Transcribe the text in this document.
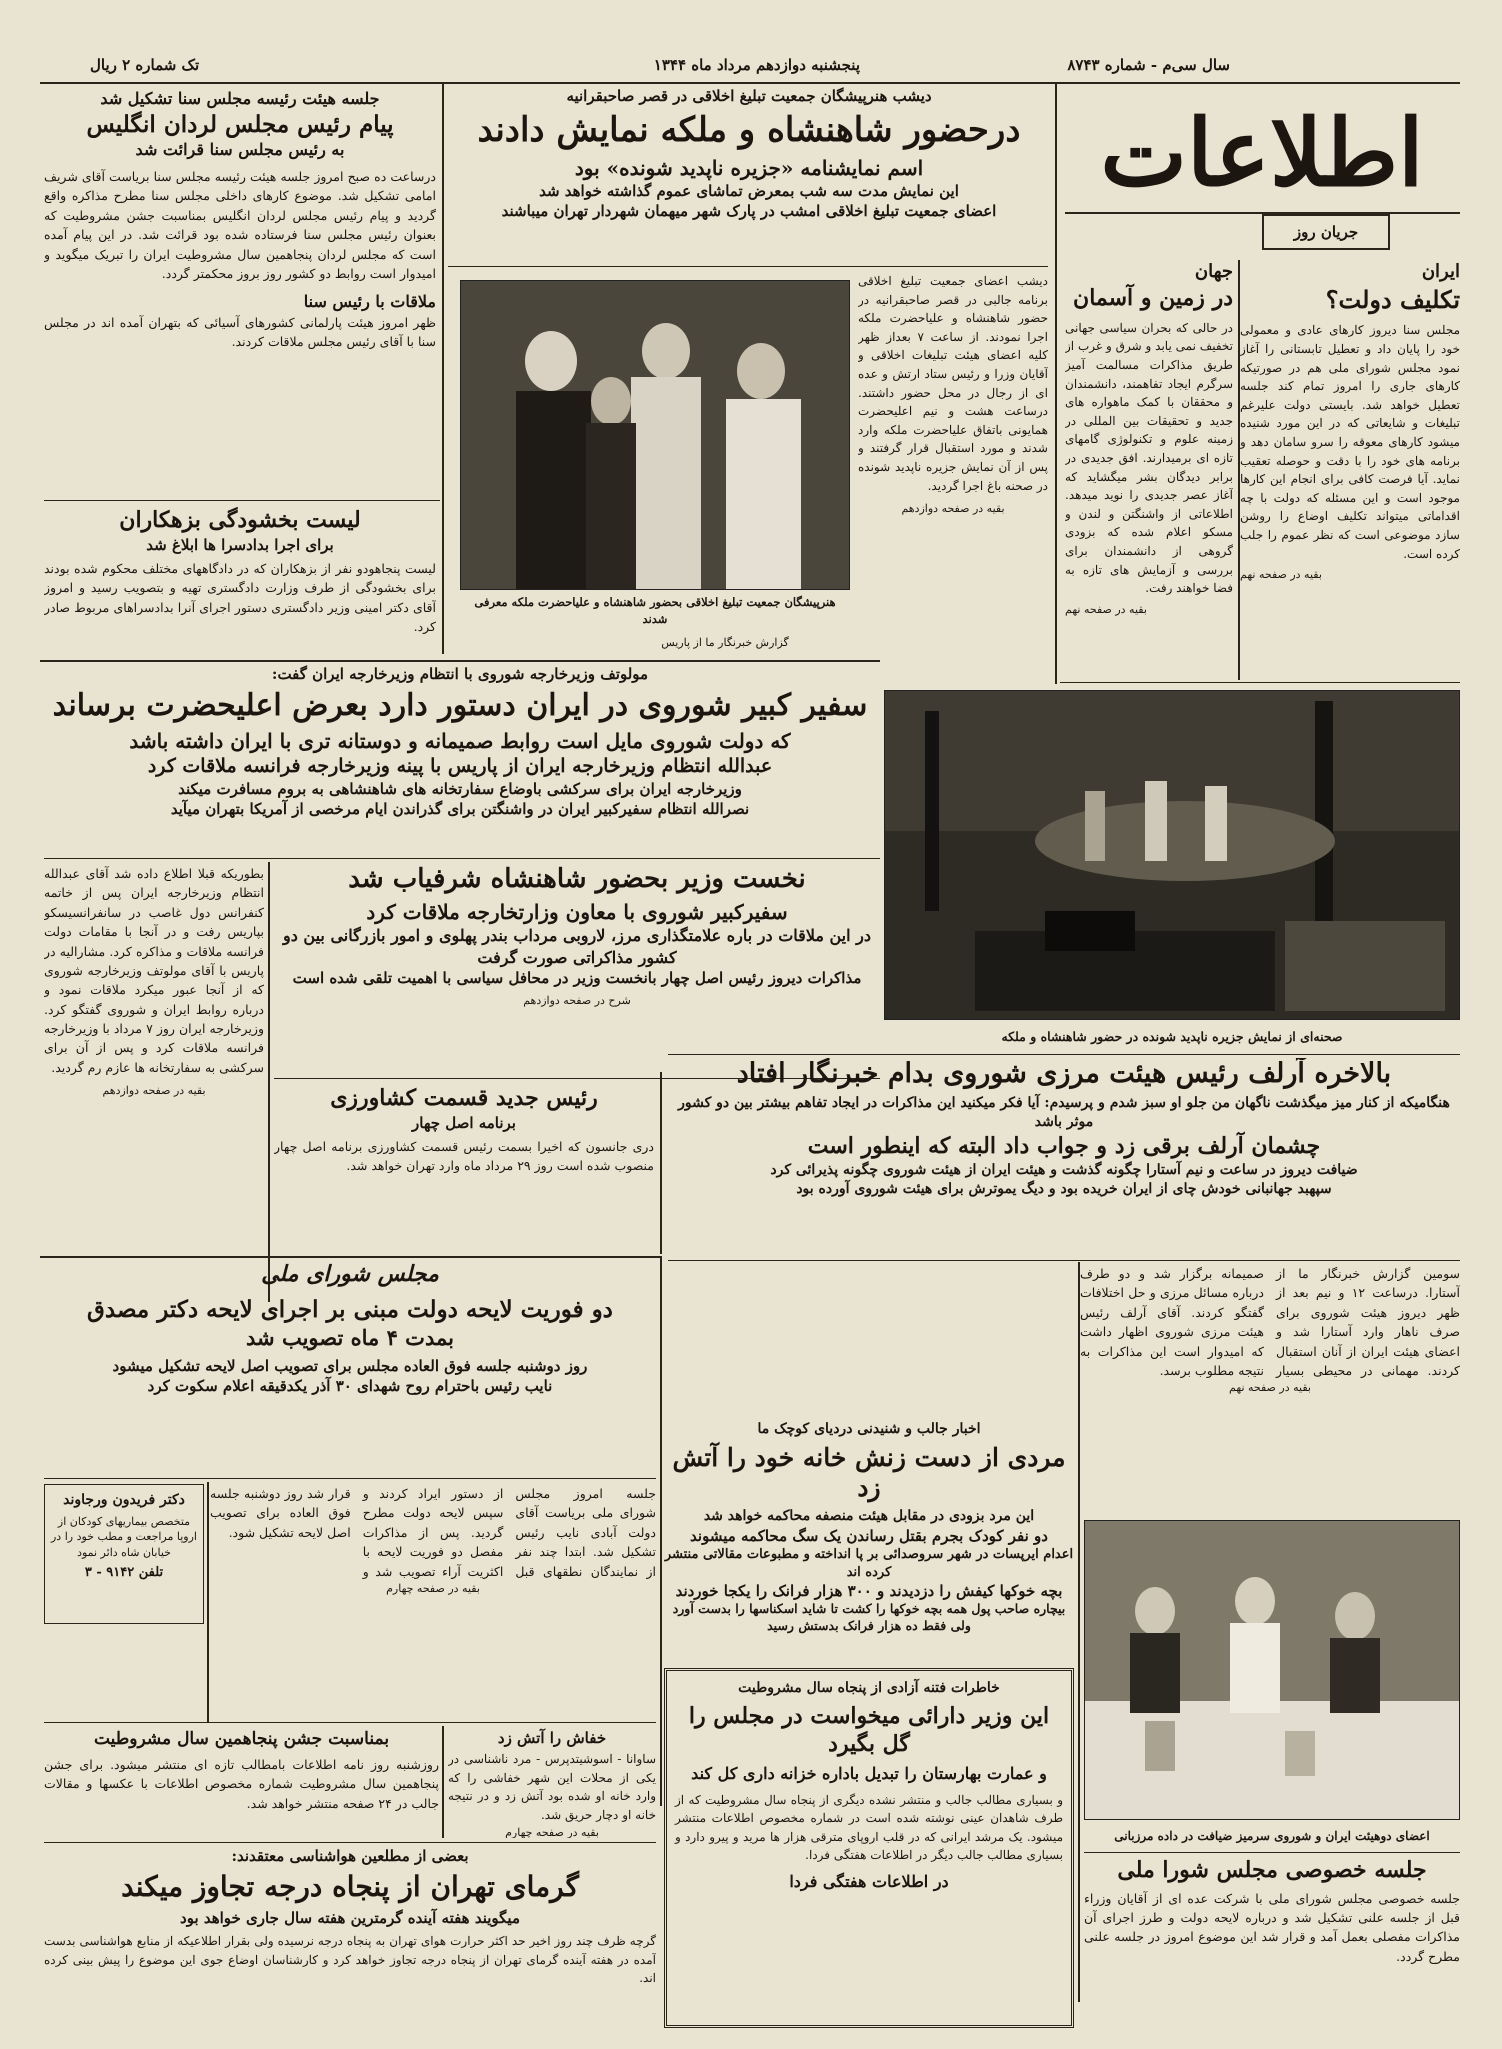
سال سی‌م - شماره ۸۷۴۳
پنجشنبه دوازدهم مرداد ماه ۱۳۴۴
تک شماره ۲ ریال
اطلاعات
جریان روز
ایران
تکلیف دولت؟
مجلس سنا دیروز کارهای عادی و معمولی خود را پایان داد و تعطیل تابستانی را آغاز نمود مجلس شورای ملی هم در صورتیکه کارهای جاری را امروز تمام کند جلسه تعطیل خواهد شد. بایستی دولت علیرغم تبلیغات و شایعاتی که در این مورد شنیده میشود کارهای معوقه را سرو سامان دهد و برنامه های خود را با دقت و حوصله تعقیب نماید. آیا فرصت کافی برای انجام این کارها موجود است و این مسئله که دولت با چه اقداماتی میتواند تکلیف اوضاع را روشن سازد موضوعی است که نظر عموم را جلب کرده است.
بقیه در صفحه نهم
جهان
در زمین و آسمان
در حالی که بحران سیاسی جهانی تخفیف نمی یابد و شرق و غرب از طریق مذاکرات مسالمت آمیز سرگرم ایجاد تفاهمند، دانشمندان و محققان با کمک ماهواره های جدید و تحقیقات بین المللی در زمینه علوم و تکنولوژی گامهای تازه ای برمیدارند. افق جدیدی در برابر دیدگان بشر میگشاید که آغاز عصر جدیدی را نوید میدهد. اطلاعاتی از واشنگتن و لندن و مسکو اعلام شده که بزودی گروهی از دانشمندان برای بررسی و آزمایش های تازه به فضا خواهند رفت.
بقیه در صفحه نهم
دیشب هنرپیشگان جمعیت تبلیغ اخلاقی در قصر صاحبقرانیه
درحضور شاهنشاه و ملکه نمایش دادند
اسم نمایشنامه «جزیره ناپدید شونده» بود
این نمایش مدت سه شب بمعرض تماشای عموم گذاشته خواهد شد
اعضای جمعیت تبلیغ اخلاقی امشب در پارک شهر میهمان شهردار تهران میباشند
هنرپیشگان جمعیت تبلیغ اخلاقی بحضور شاهنشاه و علیاحضرت ملکه معرفی شدند
دیشب اعضای جمعیت تبلیغ اخلاقی برنامه جالبی در قصر صاحبقرانیه در حضور شاهنشاه و علیاحضرت ملکه اجرا نمودند. از ساعت ۷ بعداز ظهر کلیه اعضای هیئت تبلیغات اخلاقی و آقایان وزرا و رئیس ستاد ارتش و عده ای از رجال در محل حضور داشتند. درساعت هشت و نیم اعلیحضرت همایونی باتفاق علیاحضرت ملکه وارد شدند و مورد استقبال قرار گرفتند و پس از آن نمایش جزیره ناپدید شونده در صحنه باغ اجرا گردید.
بقیه در صفحه دوازدهم
گزارش خبرنگار ما از پاریس
جلسه هیئت رئیسه مجلس سنا تشکیل شد
پیام رئیس مجلس لردان انگلیس
به رئیس مجلس سنا قرائت شد
درساعت ده صبح امروز جلسه هیئت رئیسه مجلس سنا بریاست آقای شریف امامی تشکیل شد. موضوع کارهای داخلی مجلس سنا مطرح مذاکره واقع گردید و پیام رئیس مجلس لردان انگلیس بمناسبت جشن مشروطیت که بعنوان رئیس مجلس سنا فرستاده شده بود قرائت شد. در این پیام آمده است که مجلس لردان پنجاهمین سال مشروطیت ایران را تبریک میگوید و امیدوار است روابط دو کشور روز بروز محکمتر گردد.
ملاقات با رئیس سنا
ظهر امروز هیئت پارلمانی کشورهای آسیائی که بتهران آمده اند در مجلس سنا با آقای رئیس مجلس ملاقات کردند.
لیست بخشودگی بزهکاران
برای اجرا بدادسرا ها ابلاغ شد
لیست پنجاهودو نفر از بزهکاران که در دادگاههای مختلف محکوم شده بودند برای بخشودگی از طرف وزارت دادگستری تهیه و بتصویب رسید و امروز آقای دکتر امینی وزیر دادگستری دستور اجرای آنرا بدادسراهای مربوط صادر کرد.
مولوتف وزیرخارجه شوروی با انتظام وزیرخارجه ایران گفت:
سفیر کبیر شوروی در ایران دستور دارد بعرض اعلیحضرت برساند
که دولت شوروی مایل است روابط صمیمانه و دوستانه تری با ایران داشته باشد
عبدالله انتظام وزیرخارجه ایران از پاریس با پینه وزیرخارجه فرانسه ملاقات کرد
وزیرخارجه ایران برای سرکشی باوضاع سفارتخانه های شاهنشاهی به بروم مسافرت میکند
نصرالله انتظام سفیرکبیر ایران در واشنگتن برای گذراندن ایام مرخصی از آمریکا بتهران میآید
بطوریکه قبلا اطلاع داده شد آقای عبدالله انتظام وزیرخارجه ایران پس از خاتمه کنفرانس دول غاصب در سانفرانسیسکو بپاریس رفت و در آنجا با مقامات دولت فرانسه ملاقات و مذاکره کرد. مشارالیه در پاریس با آقای مولوتف وزیرخارجه شوروی که از آنجا عبور میکرد ملاقات نمود و درباره روابط ایران و شوروی گفتگو کرد. وزیرخارجه ایران روز ۷ مرداد با وزیرخارجه فرانسه ملاقات کرد و پس از آن برای سرکشی به سفارتخانه ها عازم رم گردید.
بقیه در صفحه دوازدهم
نخست وزیر بحضور شاهنشاه شرفیاب شد
سفیرکبیر شوروی با معاون وزارتخارجه ملاقات کرد
در این ملاقات در باره علامتگذاری مرز، لاروبی مرداب بندر پهلوی و امور بازرگانی بین دو کشور مذاکراتی صورت گرفت
مذاکرات دیروز رئیس اصل چهار بانخست وزیر در محافل سیاسی با اهمیت تلقی شده است
شرح در صفحه دوازدهم
رئیس جدید قسمت کشاورزی
برنامه اصل چهار
دری جانسون که اخیرا بسمت رئیس قسمت کشاورزی برنامه اصل چهار منصوب شده است روز ۲۹ مرداد ماه وارد تهران خواهد شد.
مجلس شورای ملی
دو فوریت لایحه دولت مبنی بر اجرای لایحه دکتر مصدق
بمدت ۴ ماه تصویب شد
روز دوشنبه جلسه فوق العاده مجلس برای تصویب اصل لایحه تشکیل میشود
نایب رئیس باحترام روح شهدای ۳۰ آذر یکدقیقه اعلام سکوت کرد
جلسه امروز مجلس شورای ملی بریاست آقای دولت آبادی نایب رئیس تشکیل شد. ابتدا چند نفر از نمایندگان نطقهای قبل از دستور ایراد کردند و سپس لایحه دولت مطرح گردید. پس از مذاکرات مفصل دو فوریت لایحه با اکثریت آراء تصویب شد و قرار شد روز دوشنبه جلسه فوق العاده برای تصویب اصل لایحه تشکیل شود.
بقیه در صفحه چهارم
دکتر فریدون ورجاوند
متخصص بیماریهای کودکان از اروپا مراجعت و مطب خود را در خیابان شاه دائر نمود
تلفن ۹۱۴۲ - ۳
بمناسبت جشن پنجاهمین سال مشروطیت
روزشنبه روز نامه اطلاعات بامطالب تازه ای منتشر میشود. برای جشن پنجاهمین سال مشروطیت شماره مخصوص اطلاعات با عکسها و مقالات جالب در ۲۴ صفحه منتشر خواهد شد.
خفاش را آتش زد
ساوانا - اسوشیتدپرس - مرد ناشناسی در یکی از محلات این شهر خفاشی را که وارد خانه او شده بود آتش زد و در نتیجه خانه او دچار حریق شد.
بقیه در صفحه چهارم
بعضی از مطلعین هواشناسی معتقدند:
گرمای تهران از پنجاه درجه تجاوز میکند
میگویند هفته آینده گرمترین هفته سال جاری خواهد بود
گرچه ظرف چند روز اخیر حد اکثر حرارت هوای تهران به پنجاه درجه نرسیده ولی بقرار اطلاعیکه از منابع هواشناسی بدست آمده در هفته آینده گرمای تهران از پنجاه درجه تجاوز خواهد کرد و کارشناسان اوضاع جوی این موضوع را پیش بینی کرده اند.
اخبار جالب و شنیدنی دردیای کوچک ما
مردی از دست زنش خانه خود را آتش زد
این مرد بزودی در مقابل هیئت منصفه محاکمه خواهد شد
دو نفر کودک بجرم بقتل رساندن یک سگ محاکمه میشوند
اعدام ایرپسات در شهر سروصدائی بر پا انداخته و مطبوعات مقالاتی منتشر کرده اند
بچه خوکها کیفش را دزدیدند و ۳۰۰ هزار فرانک را یکجا خوردند
بیچاره صاحب پول همه بچه خوکها را کشت تا شاید اسکناسها را بدست آورد ولی فقط ده هزار فرانک بدستش رسید
خاطرات فتنه آزادی از پنجاه سال مشروطیت
این وزیر دارائی میخواست در مجلس را گل بگیرد
و عمارت بهارستان را تبدیل باداره خزانه داری کل کند
و بسیاری مطالب جالب و منتشر نشده دیگری از پنجاه سال مشروطیت که از طرف شاهدان عینی نوشته شده است در شماره مخصوص اطلاعات منتشر میشود. یک مرشد ایرانی که در قلب اروپای مترقی هزار ها مرید و پیرو دارد و بسیاری مطالب جالب دیگر در اطلاعات هفتگی فردا.
در اطلاعات هفتگی فردا
صحنه‌ای از نمایش جزیره ناپدید شونده در حضور شاهنشاه و ملکه
بالاخره آرلف رئیس هیئت مرزی شوروی بدام خبرنگار افتاد
هنگامیکه از کنار میز میگذشت ناگهان من جلو او سبز شدم و پرسیدم: آیا فکر میکنید این مذاکرات در ایجاد تفاهم بیشتر بین دو کشور موثر باشد
چشمان آرلف برقی زد و جواب داد البته که اینطور است
ضیافت دیروز در ساعت و نیم آستارا چگونه گذشت و هیئت ایران از هیئت شوروی چگونه پذیرائی کرد
سپهبد جهانبانی خودش چای از ایران خریده بود و دیگ یموترش برای هیئت شوروی آورده بود
سومین گزارش خبرنگار ما از آستارا. درساعت ۱۲ و نیم بعد از ظهر دیروز هیئت شوروی برای صرف ناهار وارد آستارا شد و اعضای هیئت ایران از آنان استقبال کردند. مهمانی در محیطی بسیار صمیمانه برگزار شد و دو طرف درباره مسائل مرزی و حل اختلافات گفتگو کردند. آقای آرلف رئیس هیئت مرزی شوروی اظهار داشت که امیدوار است این مذاکرات به نتیجه مطلوب برسد.
بقیه در صفحه نهم
اعضای دوهیئت ایران و شوروی سرمیز ضیافت در داده مرزبانی
جلسه خصوصی مجلس شورا ملی
جلسه خصوصی مجلس شورای ملی با شرکت عده ای از آقایان وزراء قبل از جلسه علنی تشکیل شد و درباره لایحه دولت و طرز اجرای آن مذاکرات مفصلی بعمل آمد و قرار شد این موضوع امروز در جلسه علنی مطرح گردد.
